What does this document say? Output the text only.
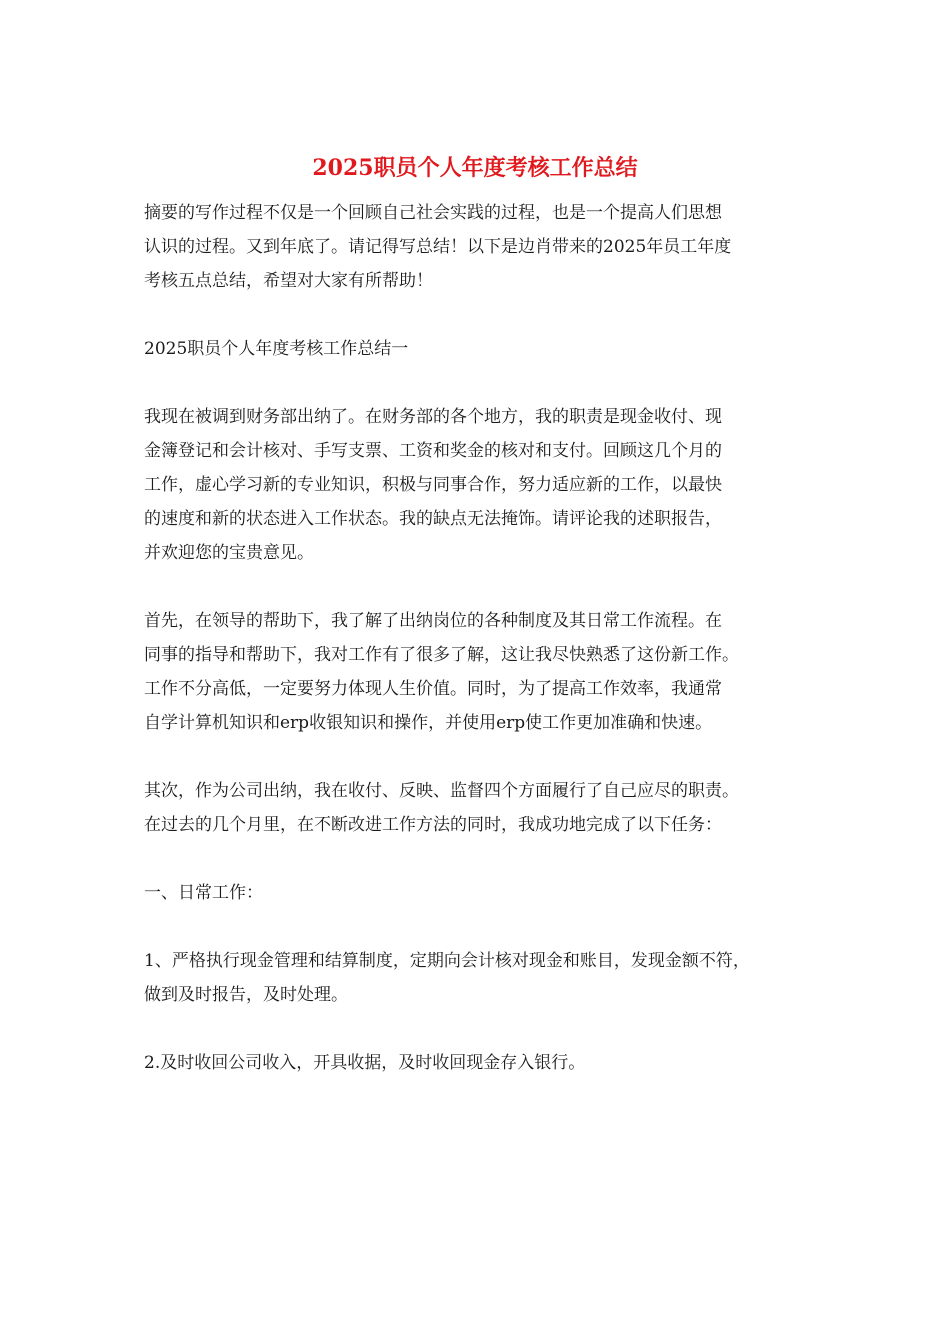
2025职员个人年度考核工作总结

摘要的写作过程不仅是一个回顾自己社会实践的过程，也是一个提高人们思想
认识的过程。又到年底了。请记得写总结！以下是边肖带来的2025年员工年度
考核五点总结，希望对大家有所帮助！

2025职员个人年度考核工作总结一

我现在被调到财务部出纳了。在财务部的各个地方，我的职责是现金收付、现
金簿登记和会计核对、手写支票、工资和奖金的核对和支付。回顾这几个月的
工作，虚心学习新的专业知识，积极与同事合作，努力适应新的工作，以最快
的速度和新的状态进入工作状态。我的缺点无法掩饰。请评论我的述职报告，
并欢迎您的宝贵意见。

首先，在领导的帮助下，我了解了出纳岗位的各种制度及其日常工作流程。在
同事的指导和帮助下，我对工作有了很多了解，这让我尽快熟悉了这份新工作。
工作不分高低，一定要努力体现人生价值。同时，为了提高工作效率，我通常
自学计算机知识和erp收银知识和操作，并使用erp使工作更加准确和快速。

其次，作为公司出纳，我在收付、反映、监督四个方面履行了自己应尽的职责。
在过去的几个月里，在不断改进工作方法的同时，我成功地完成了以下任务：

一、日常工作：

1、严格执行现金管理和结算制度，定期向会计核对现金和账目，发现金额不符，
做到及时报告，及时处理。

2.及时收回公司收入，开具收据，及时收回现金存入银行。
